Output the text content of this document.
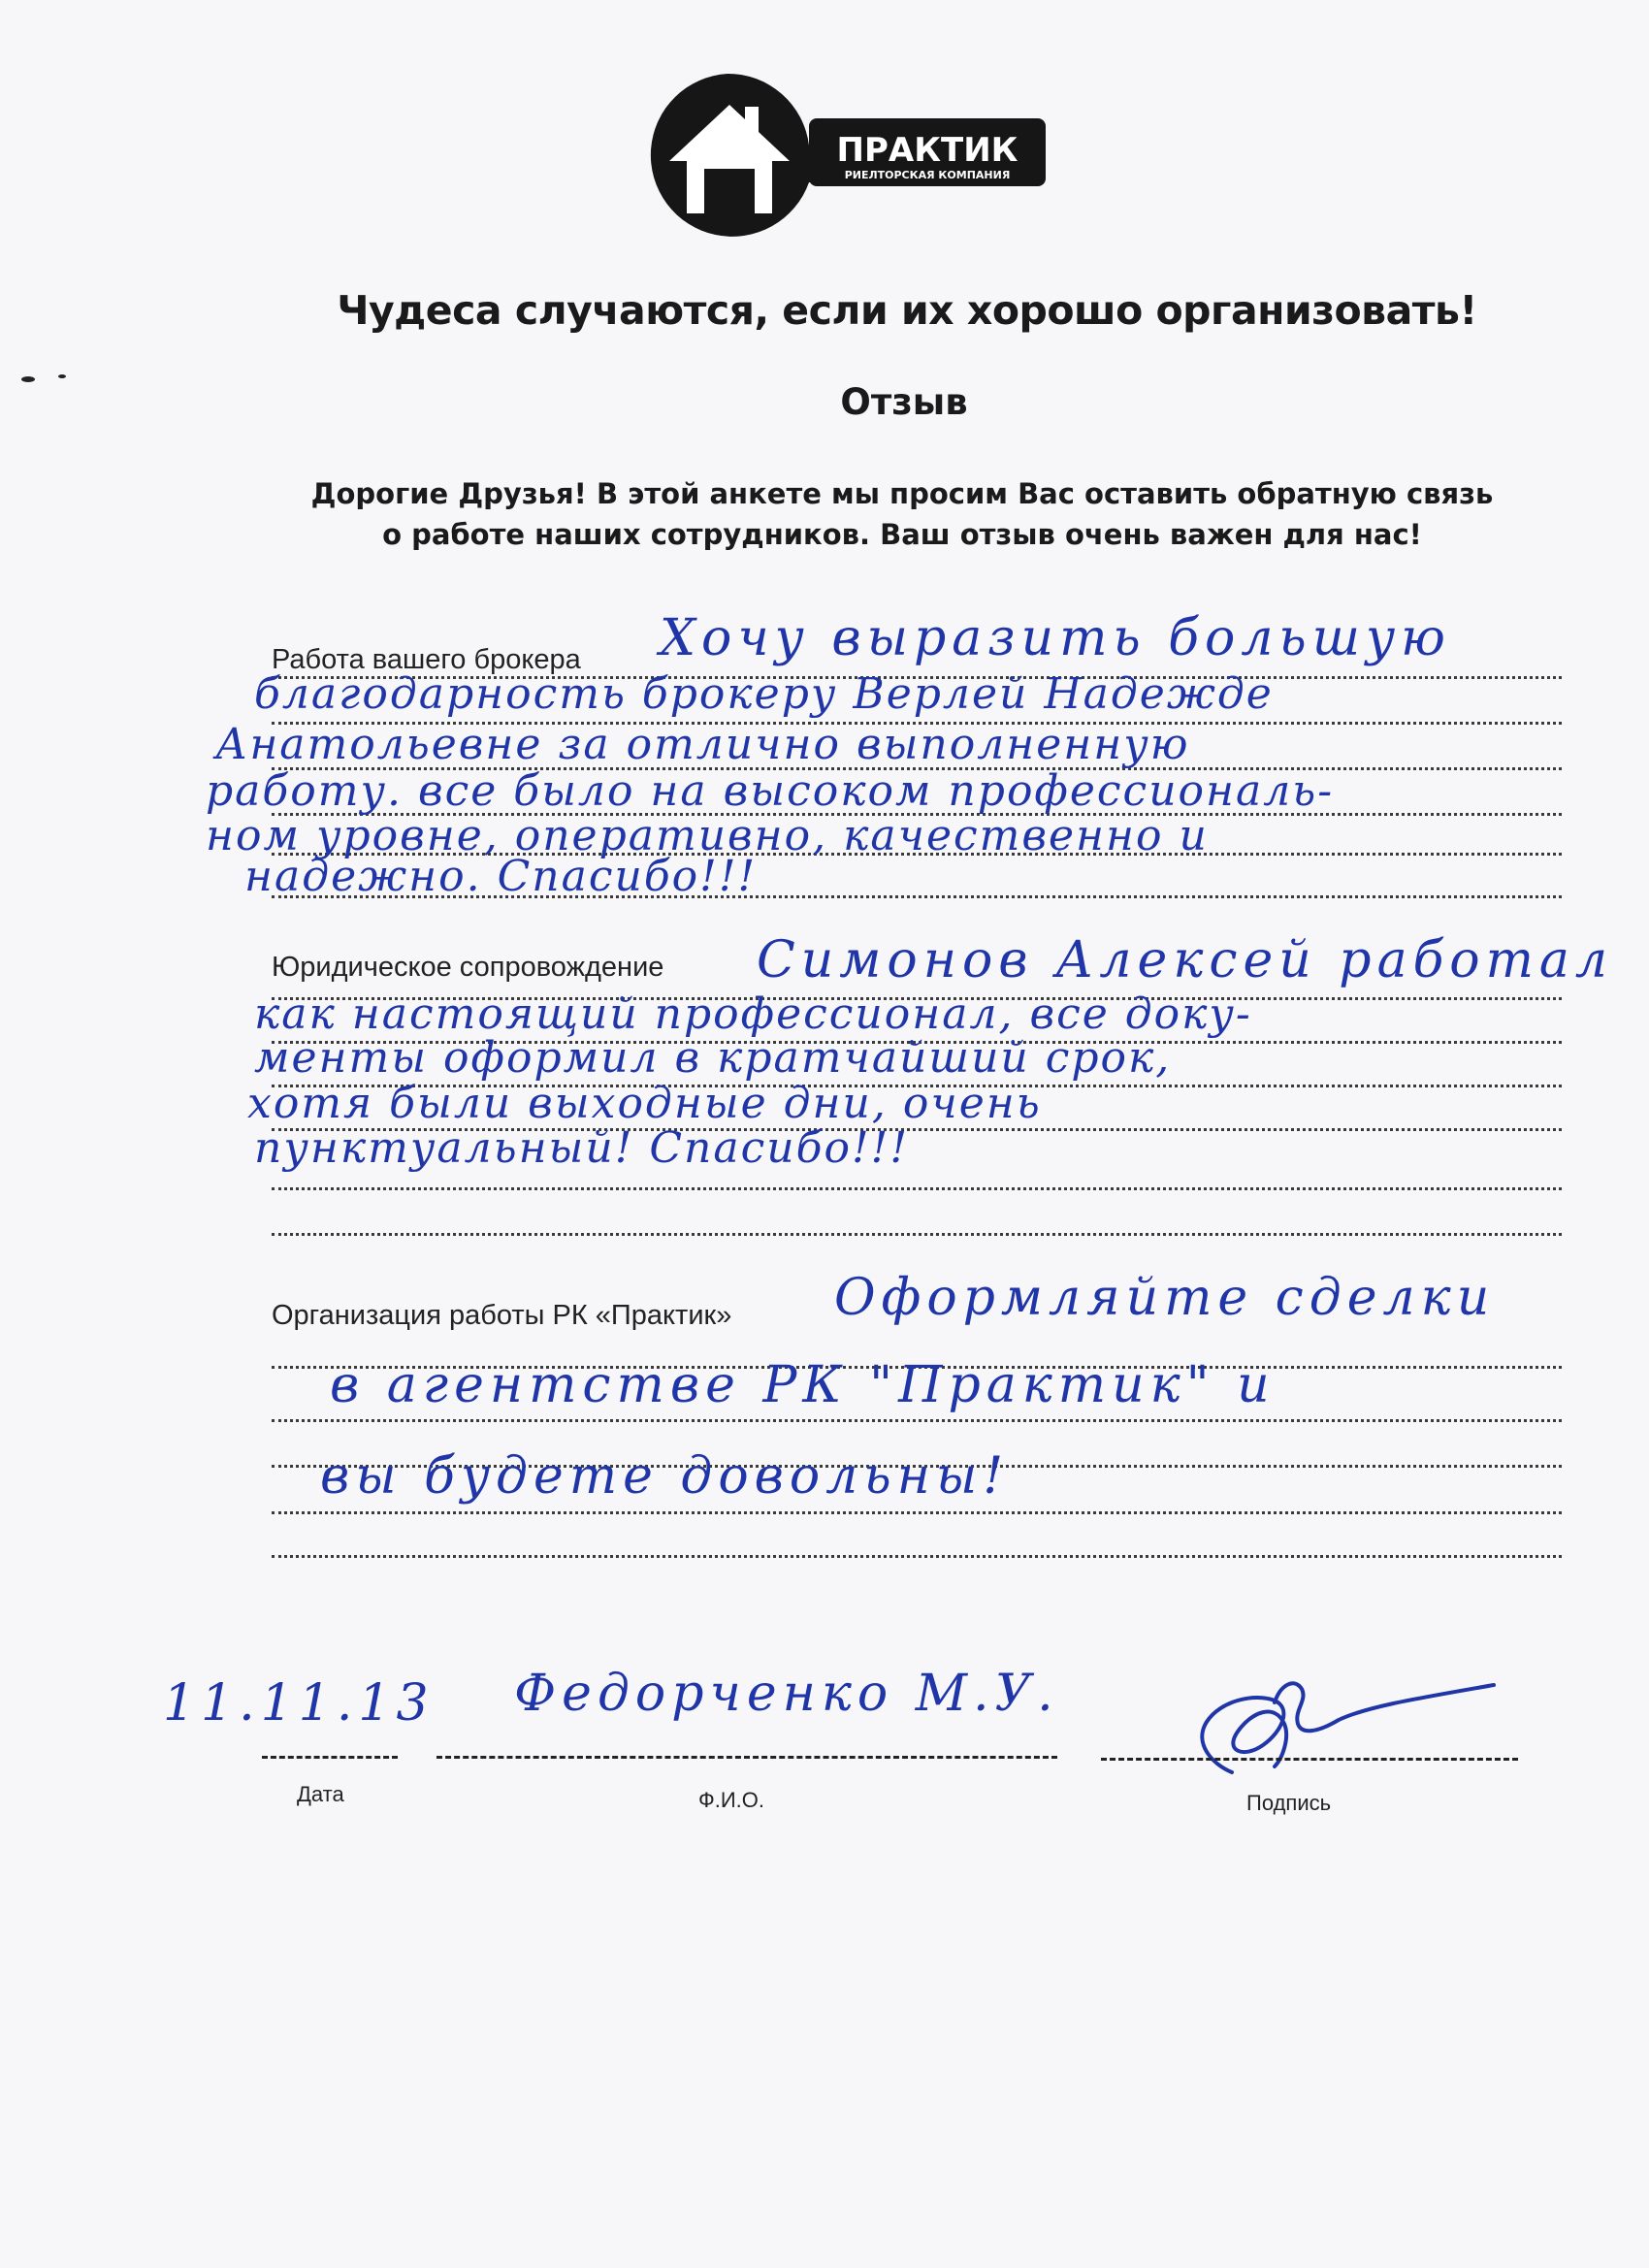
ПРАКТИК
РИЕЛТОРСКАЯ КОМПАНИЯ
Чудеса случаются, если их хорошо организовать!
Отзыв
Дорогие Друзья! В этой анкете мы просим Вас оставить обратную связь
о работе наших сотрудников. Ваш отзыв очень важен для нас!
Работа вашего брокера Хочу выразить большую
благодарность брокеру Верлей Надежде
Анатольевне за отлично выполненную
работу. все было на высоком профессиональ-
ном уровне, оперативно, качественно и
надежно. Спасибо!!!
Юридическое сопровождение Симонов Алексей работал
как настоящий профессионал, все доку-
менты оформил в кратчайший срок,
хотя были выходные дни, очень
пунктуальный! Спасибо!!!
Организация работы РК «Практик» Оформляйте сделки
в агентстве РК "Практик" и
вы будете довольны!
11.11.13 Федорченко М.У.
Дата	Ф.И.О.	Подпись
